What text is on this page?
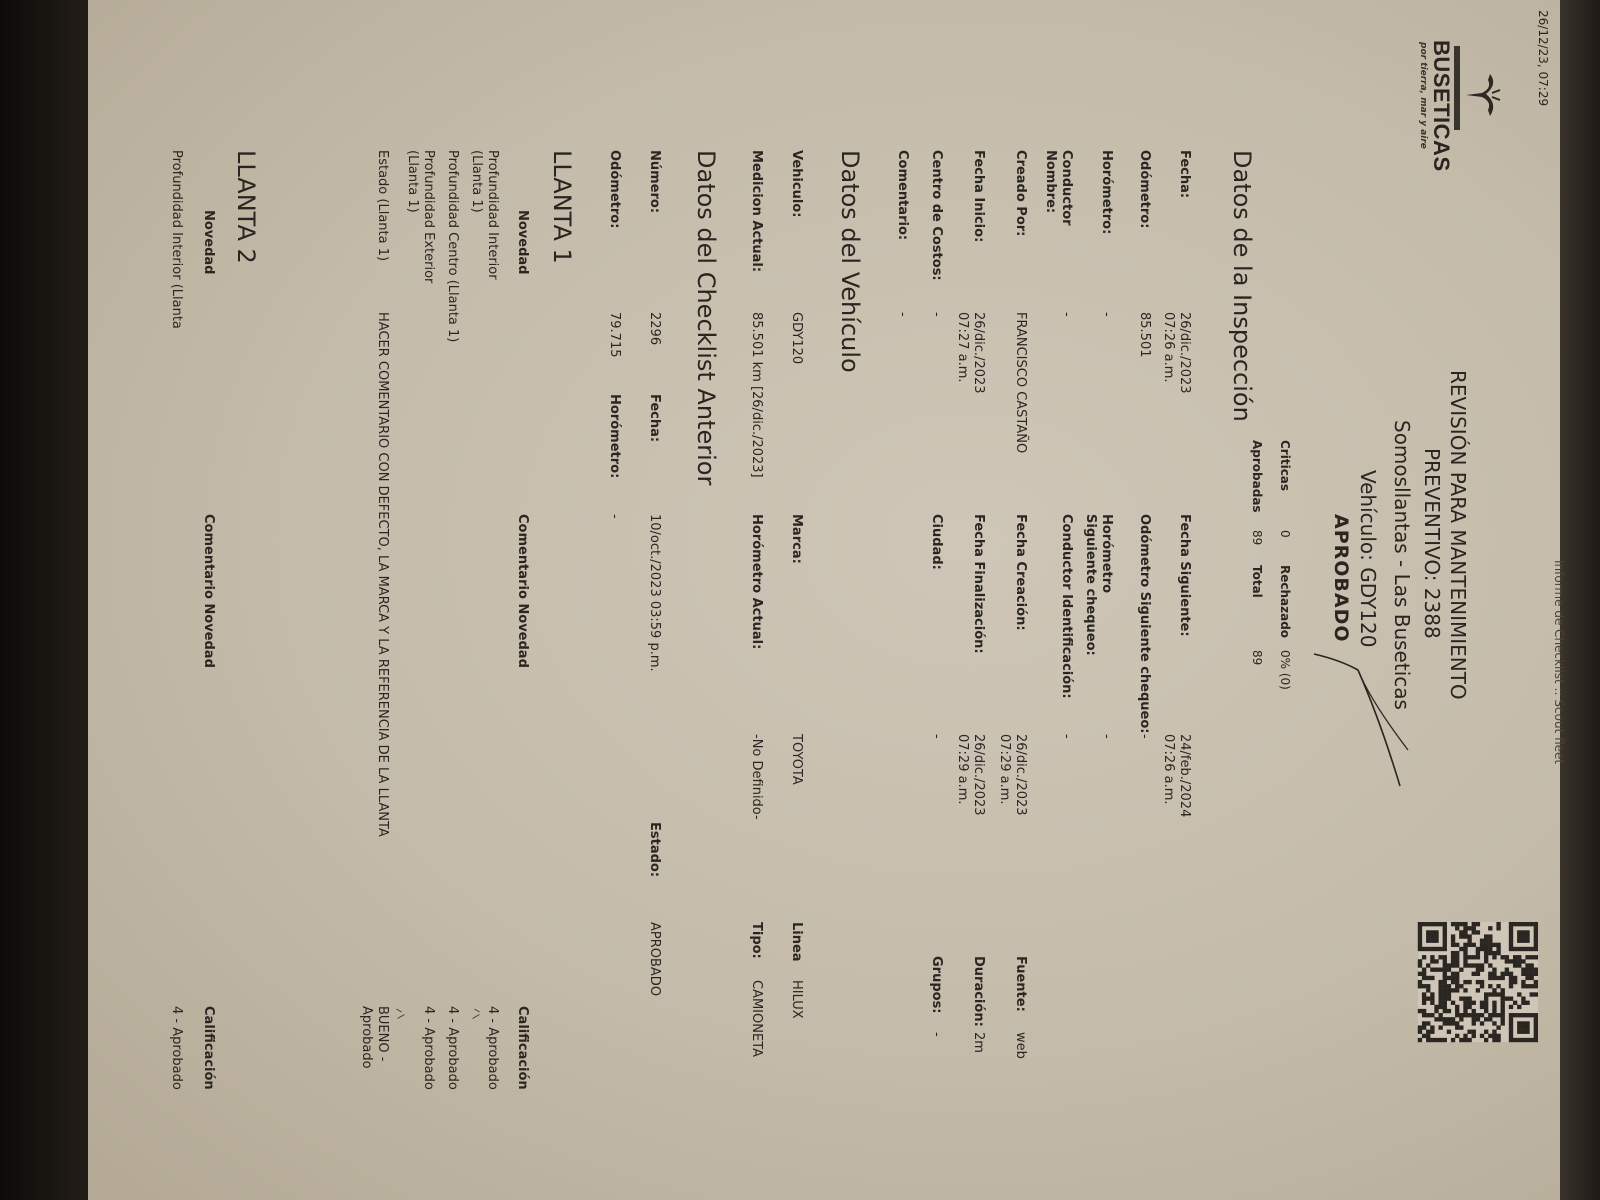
26/12/23, 07:29
Informe de Checklist :: Scout fleet
BUSETICAS
por tierra, mar y aire
REVISIÓN PARA MANTENIMIENTO
PREVENTIVO: 2388
Somosllantas - Las Buseticas
Vehículo: GDY120
APROBADO
Criticas
0
Rechazado
0% (0)
Aprobadas
89
Total
89
Datos de la Inspección
Fecha:
26/dic./2023 07:26 a.m.
Fecha Siguiente:
24/feb./2024 07:26 a.m.
Odómetro:
85.501
Odómetro Siguiente chequeo:
-
Horómetro:
-
Horómetro Siguiente chequeo:
-
Conductor Nombre:
-
Conductor Identificación:
-
Creado Por:
FRANCISCO CASTAÑO
Fecha Creación:
26/dic./2023 07:29 a.m.
Fuente:
web
Fecha Inicio:
26/dic./2023 07:27 a.m.
Fecha Finalización:
26/dic./2023 07:29 a.m.
Duración:
2m
Centro de Costos:
-
Ciudad:
-
Grupos:
-
Comentario:
-
Datos del Vehículo
Vehiculo:
GDY120
Marca:
TOYOTA
Linea
HILUX
Medicion Actual:
85.501 km [26/dic./2023]
Horómetro Actual:
-No Definido-
Tipo:
CAMIONETA
Datos del Checklist Anterior
Número:
2296
Fecha:
10/oct./2023 03:59 p.m.
Estado:
APROBADO
Odómetro:
79.715
Horómetro:
-
LLANTA 1
Novedad
Comentario Novedad
Calificación
Profundidad Interior (Llanta 1)
4 - Aprobado
Profundidad Centro (Llanta 1)
4 - Aprobado
Profundidad Exterior (Llanta 1)
4 - Aprobado
Estado (Llanta 1)
HACER COMENTARIO CON DEFECTO, LA MARCA Y LA REFERENCIA DE LA LLANTA
BUENO - Aprobado
LLANTA 2
Novedad
Comentario Novedad
Calificación
Profundidad Interior (Llanta
4 - Aprobado
